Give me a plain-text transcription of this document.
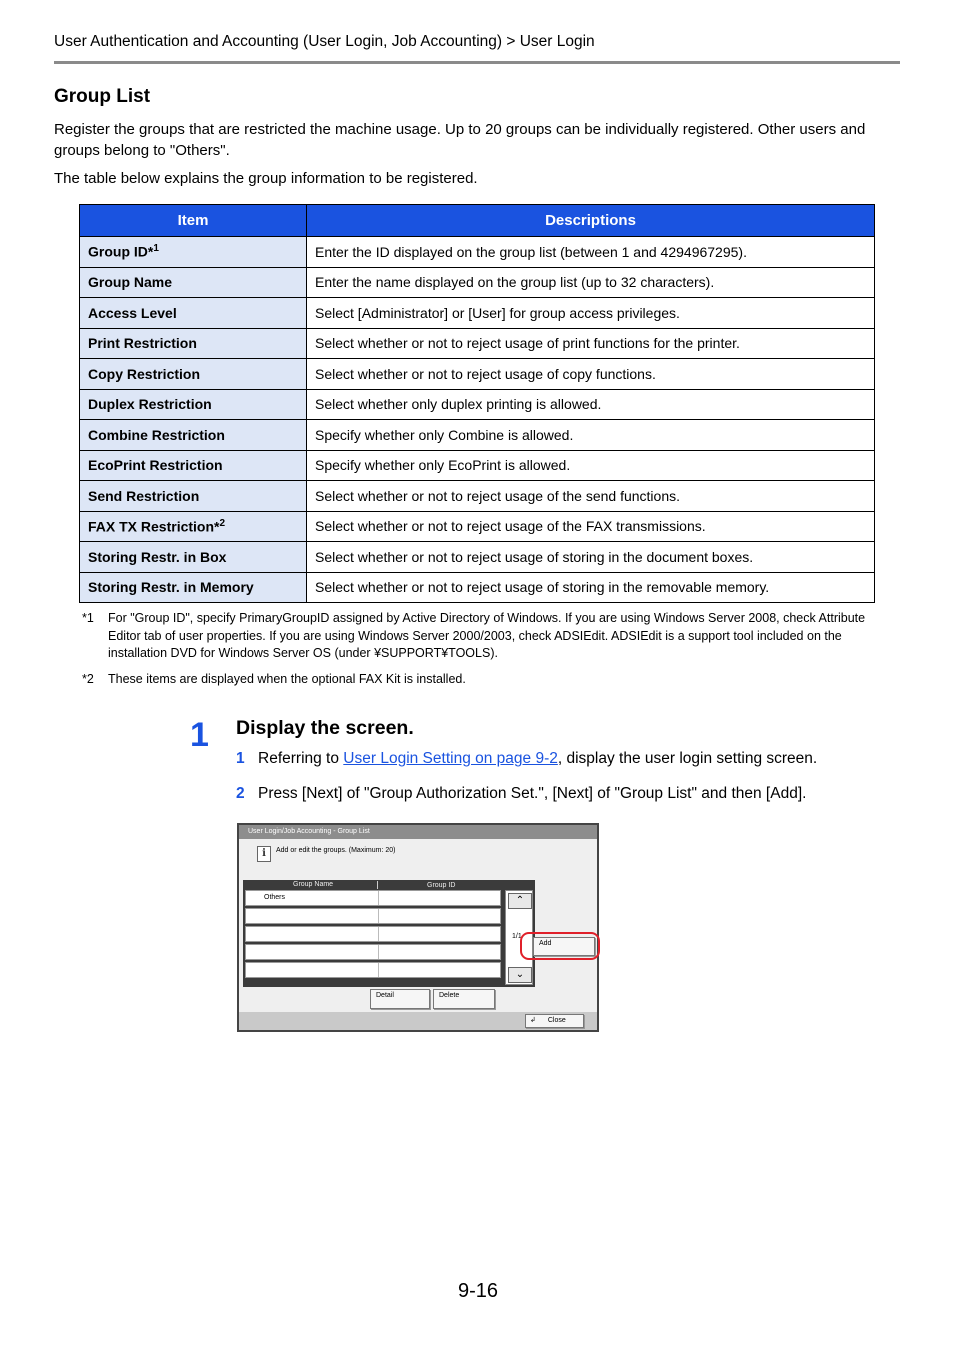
User Authentication and Accounting (User Login, Job Accounting) > User Login
Group List
Register the groups that are restricted the machine usage. Up to 20 groups can be individually registered. Other users and groups belong to "Others".
The table below explains the group information to be registered.
Item	Descriptions
Group ID*$^1$	Enter the ID displayed on the group list (between 1 and 4294967295).
Group Name	Enter the name displayed on the group list (up to 32 characters).
Access Level	Select [Administrator] or [User] for group access privileges.
Print Restriction	Select whether or not to reject usage of print functions for the printer.
Copy Restriction	Select whether or not to reject usage of copy functions.
Duplex Restriction	Select whether only duplex printing is allowed.
Combine Restriction	Specify whether only Combine is allowed.
EcoPrint Restriction	Specify whether only EcoPrint is allowed.
Send Restriction	Select whether or not to reject usage of the send functions.
FAX TX Restriction*$^2$	Select whether or not to reject usage of the FAX transmissions.
Storing Restr. in Box	Select whether or not to reject usage of storing in the document boxes.
Storing Restr. in Memory	Select whether or not to reject usage of storing in the removable memory.
*1 For "Group ID", specify PrimaryGroupID assigned by Active Directory of Windows. If you are using Windows Server 2008, check Attribute Editor tab of user properties. If you are using Windows Server 2000/2003, check ADSIEdit. ADSIEdit is a support tool included on the installation DVD for Windows Server OS (under ¥SUPPORT¥TOOLS).
*2 These items are displayed when the optional FAX Kit is installed.
1 Display the screen.
1 Referring to User Login Setting on page 9-2, display the user login setting screen.
2 Press [Next] of "Group Authorization Set.", [Next] of "Group List" and then [Add].
User Login/Job Accounting - Group List
i	Add or edit the groups. (Maximum: 20)
Group Name	Group ID
Others	⌃
⌄
1/1
Add
Detail	Delete
↲ Close
9-16
